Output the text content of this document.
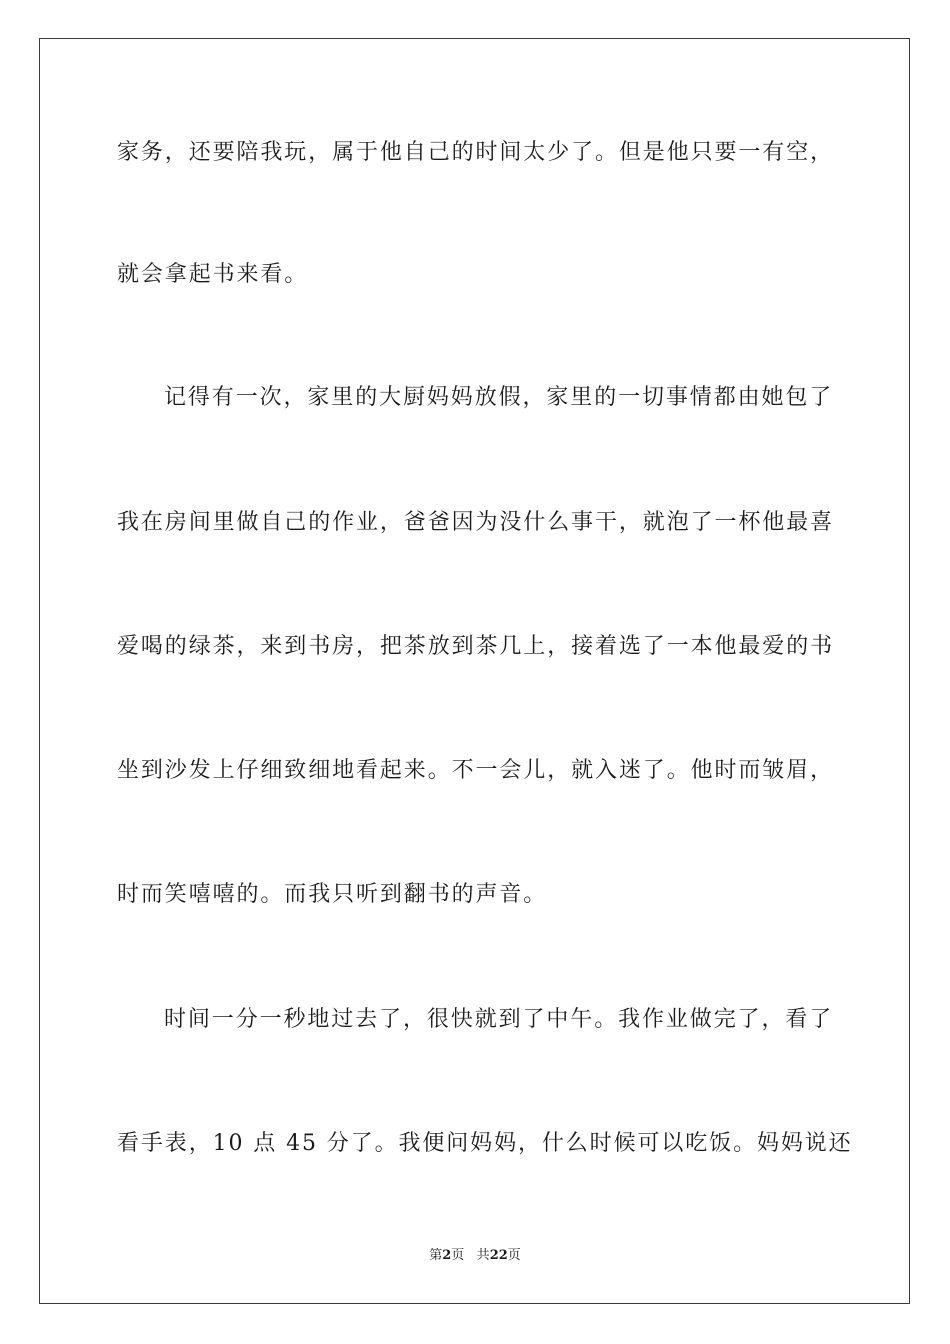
家务，还要陪我玩，属于他自己的时间太少了。但是他只要一有空，
就会拿起书来看。
记得有一次，家里的大厨妈妈放假，家里的一切事情都由她包了
我在房间里做自己的作业，爸爸因为没什么事干，就泡了一杯他最喜
爱喝的绿茶，来到书房，把茶放到茶几上，接着选了一本他最爱的书
坐到沙发上仔细致细地看起来。不一会儿，就入迷了。他时而皱眉，
时而笑嘻嘻的。而我只听到翻书的声音。
时间一分一秒地过去了，很快就到了中午。我作业做完了，看了
看手表，10 点 45 分了。我便问妈妈，什么时候可以吃饭。妈妈说还
第2页 共22页
